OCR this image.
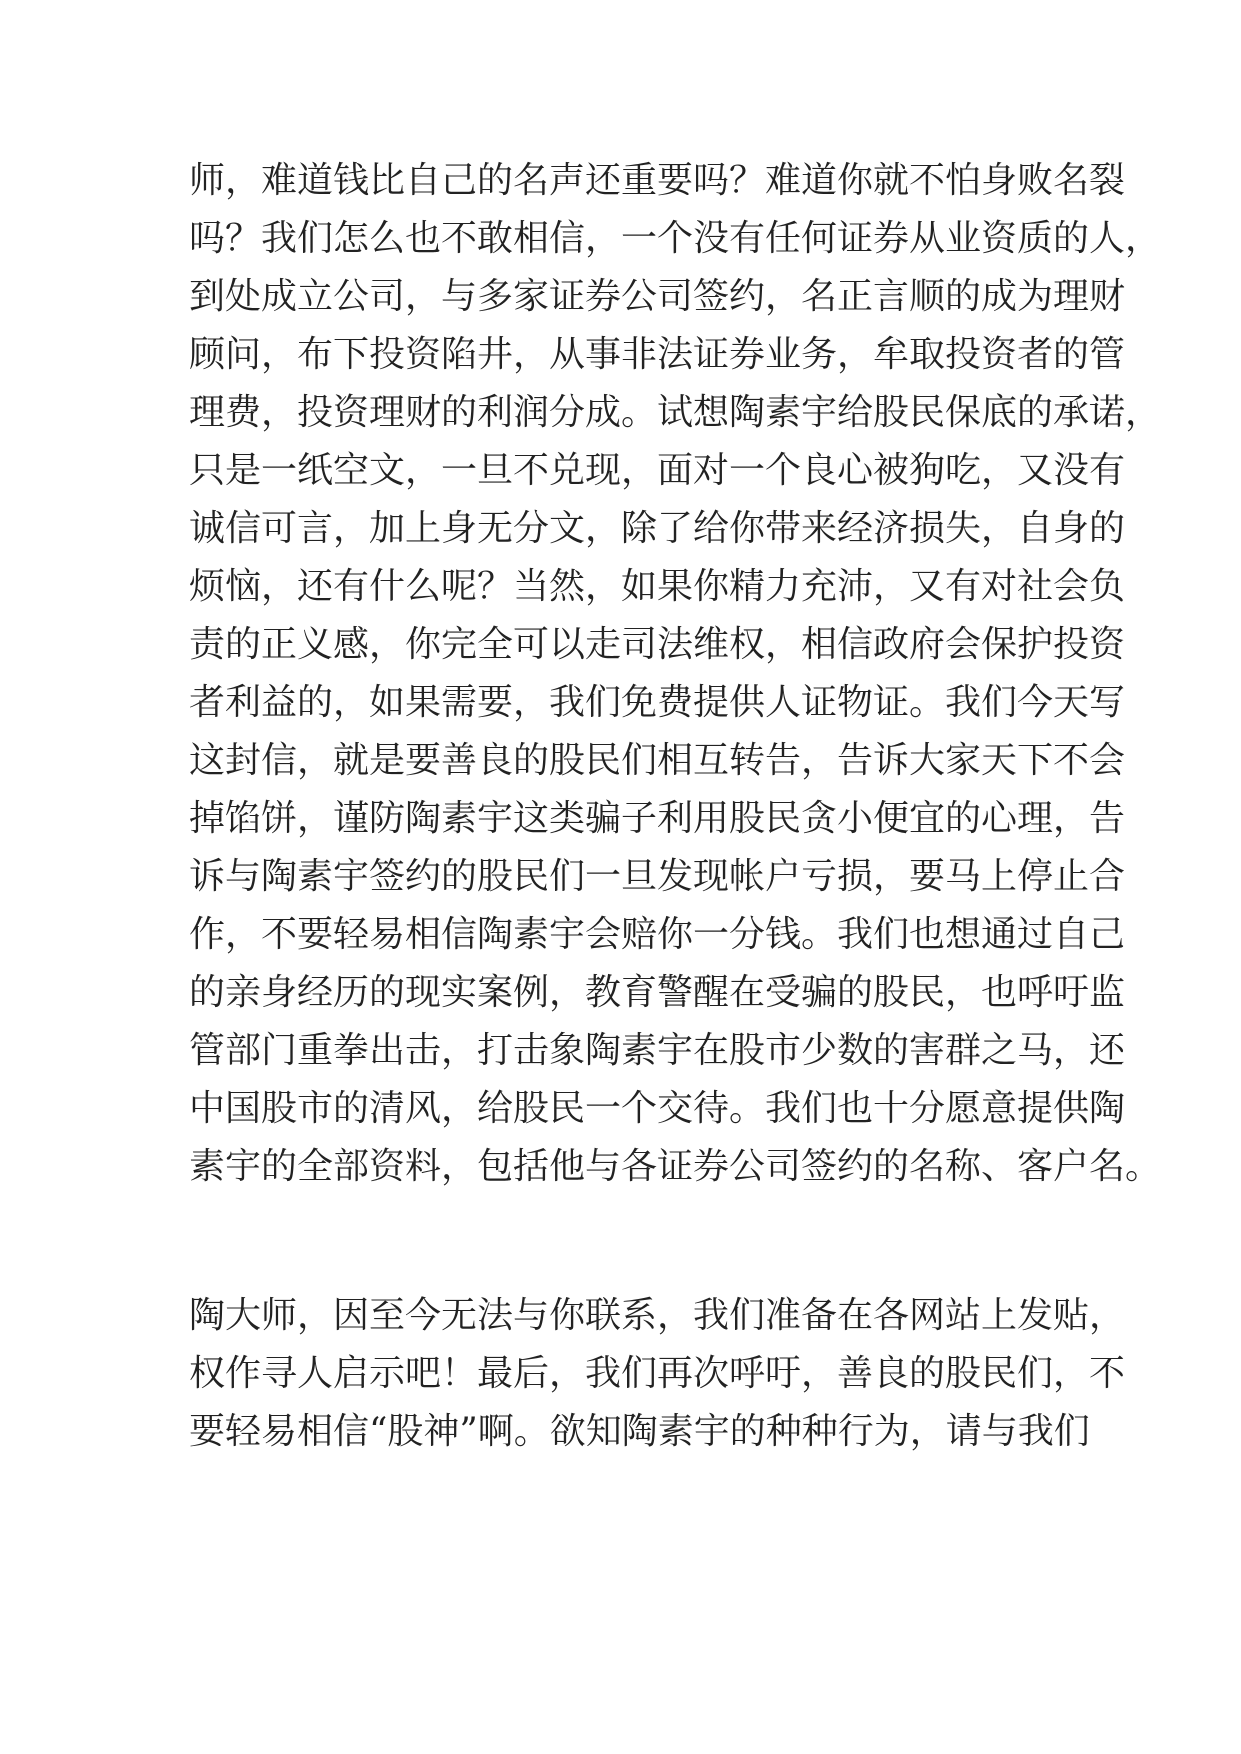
师，难道钱比自己的名声还重要吗？难道你就不怕身败名裂
吗？我们怎么也不敢相信，一个没有任何证券从业资质的人，
到处成立公司，与多家证券公司签约，名正言顺的成为理财
顾问，布下投资陷井，从事非法证券业务，牟取投资者的管
理费，投资理财的利润分成。试想陶素宇给股民保底的承诺，
只是一纸空文，一旦不兑现，面对一个良心被狗吃，又没有
诚信可言，加上身无分文，除了给你带来经济损失，自身的
烦恼，还有什么呢？当然，如果你精力充沛，又有对社会负
责的正义感，你完全可以走司法维权，相信政府会保护投资
者利益的，如果需要，我们免费提供人证物证。我们今天写
这封信，就是要善良的股民们相互转告，告诉大家天下不会
掉馅饼，谨防陶素宇这类骗子利用股民贪小便宜的心理，告
诉与陶素宇签约的股民们一旦发现帐户亏损，要马上停止合
作，不要轻易相信陶素宇会赔你一分钱。我们也想通过自己
的亲身经历的现实案例，教育警醒在受骗的股民，也呼吁监
管部门重拳出击，打击象陶素宇在股市少数的害群之马，还
中国股市的清风，给股民一个交待。我们也十分愿意提供陶
素宇的全部资料，包括他与各证券公司签约的名称、客户名。
陶大师，因至今无法与你联系，我们准备在各网站上发贴，
权作寻人启示吧！最后，我们再次呼吁，善良的股民们，不
要轻易相信“股神”啊。欲知陶素宇的种种行为，请与我们
